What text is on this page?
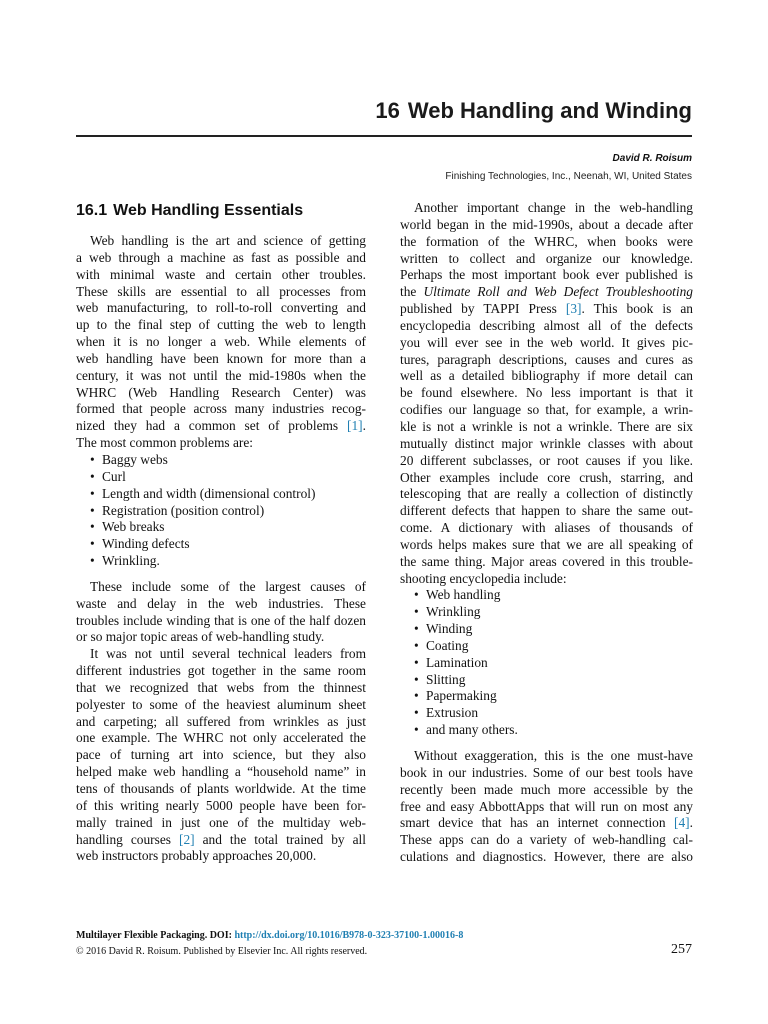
16 Web Handling and Winding
David R. Roisum
Finishing Technologies, Inc., Neenah, WI, United States
16.1 Web Handling Essentials
Web handling is the art and science of getting
a web through a machine as fast as possible and
with minimal waste and certain other troubles.
These skills are essential to all processes from
web manufacturing, to roll-to-roll converting and
up to the final step of cutting the web to length
when it is no longer a web. While elements of
web handling have been known for more than a
century, it was not until the mid-1980s when the
WHRC (Web Handling Research Center) was
formed that people across many industries recog-
nized they had a common set of problems [1].
The most common problems are:
• Baggy webs
• Curl
• Length and width (dimensional control)
• Registration (position control)
• Web breaks
• Winding defects
• Wrinkling.
These include some of the largest causes of
waste and delay in the web industries. These
troubles include winding that is one of the half dozen
or so major topic areas of web-handling study.
It was not until several technical leaders from
different industries got together in the same room
that we recognized that webs from the thinnest
polyester to some of the heaviest aluminum sheet
and carpeting; all suffered from wrinkles as just
one example. The WHRC not only accelerated the
pace of turning art into science, but they also
helped make web handling a “household name” in
tens of thousands of plants worldwide. At the time
of this writing nearly 5000 people have been for-
mally trained in just one of the multiday web-
handling courses [2] and the total trained by all
web instructors probably approaches 20,000.
Another important change in the web-handling
world began in the mid-1990s, about a decade after
the formation of the WHRC, when books were
written to collect and organize our knowledge.
Perhaps the most important book ever published is
the Ultimate Roll and Web Defect Troubleshooting
published by TAPPI Press [3]. This book is an
encyclopedia describing almost all of the defects
you will ever see in the web world. It gives pic-
tures, paragraph descriptions, causes and cures as
well as a detailed bibliography if more detail can
be found elsewhere. No less important is that it
codifies our language so that, for example, a wrin-
kle is not a wrinkle is not a wrinkle. There are six
mutually distinct major wrinkle classes with about
20 different subclasses, or root causes if you like.
Other examples include core crush, starring, and
telescoping that are really a collection of distinctly
different defects that happen to share the same out-
come. A dictionary with aliases of thousands of
words helps makes sure that we are all speaking of
the same thing. Major areas covered in this trouble-
shooting encyclopedia include:
• Web handling
• Wrinkling
• Winding
• Coating
• Lamination
• Slitting
• Papermaking
• Extrusion
• and many others.
Without exaggeration, this is the one must-have
book in our industries. Some of our best tools have
recently been made much more accessible by the
free and easy AbbottApps that will run on most any
smart device that has an internet connection [4].
These apps can do a variety of web-handling cal-
culations and diagnostics. However, there are also
Multilayer Flexible Packaging. DOI: http://dx.doi.org/10.1016/B978-0-323-37100-1.00016-8
© 2016 David R. Roisum. Published by Elsevier Inc. All rights reserved.	257
